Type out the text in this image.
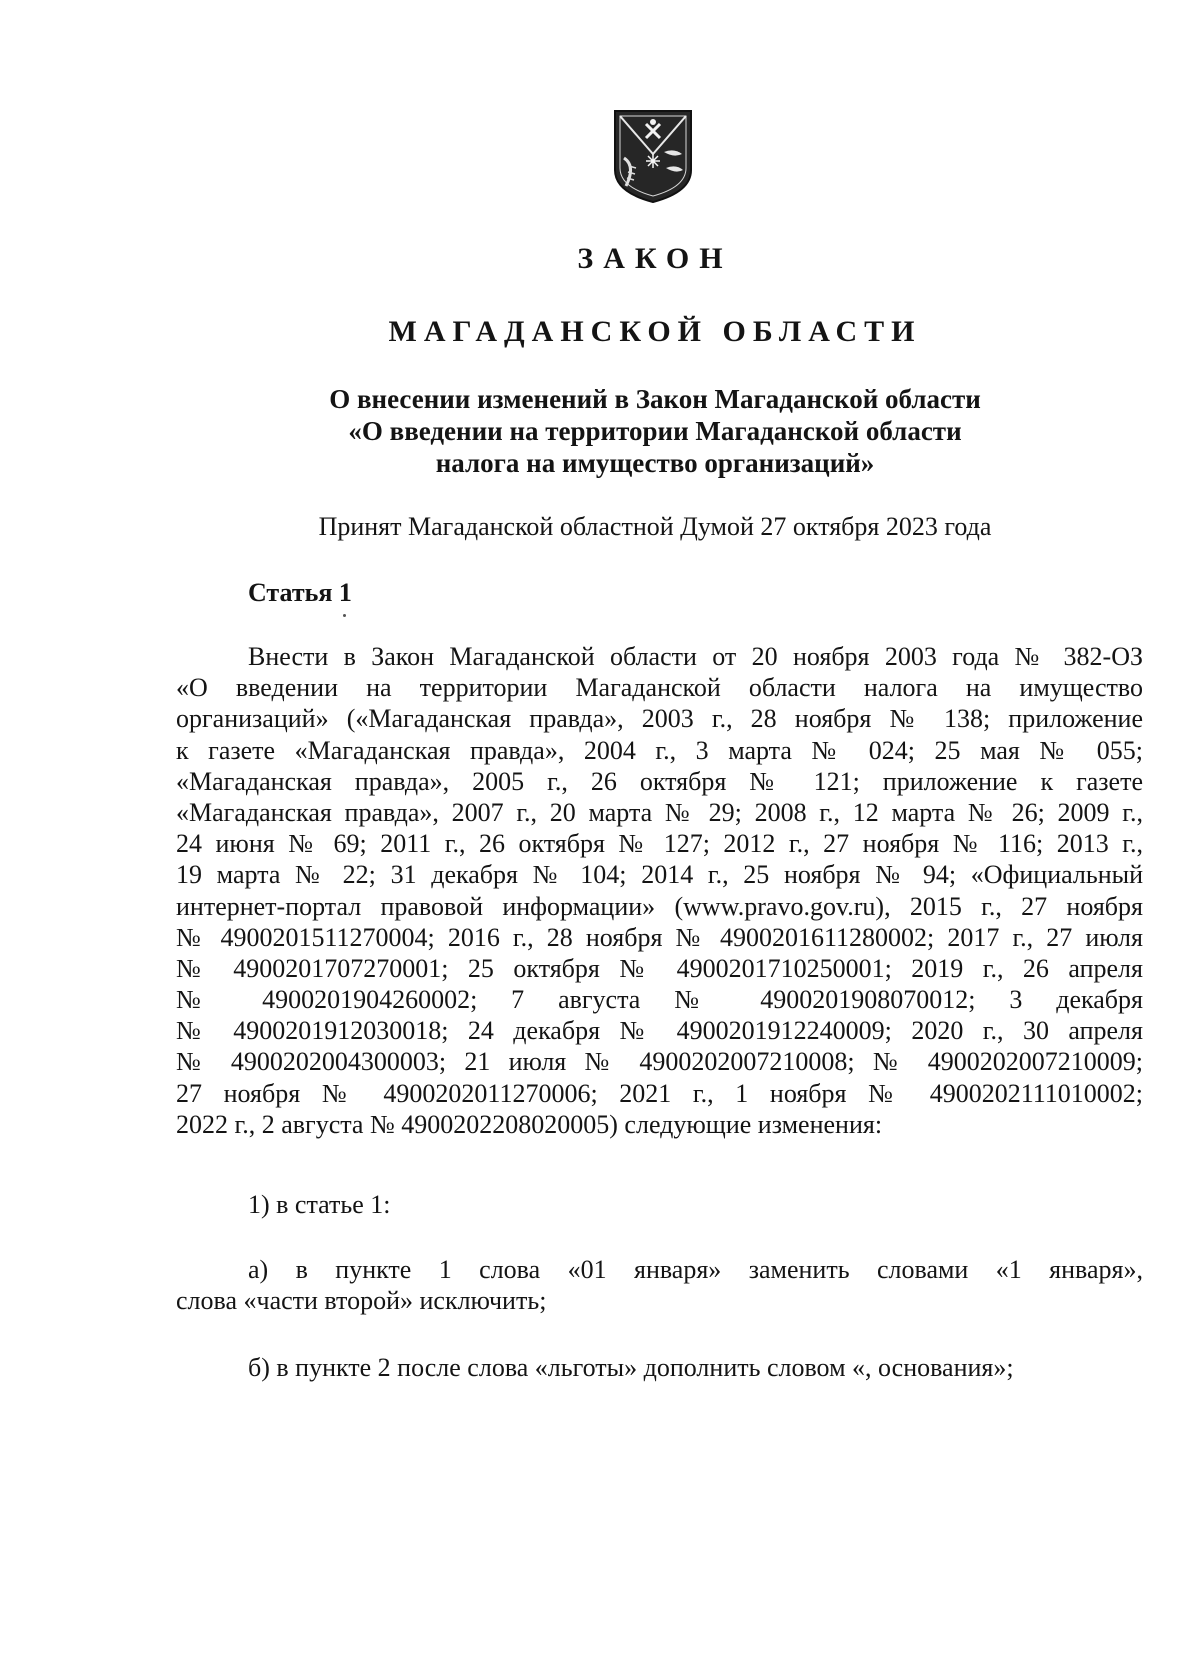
ЗАКОН
МАГАДАНСКОЙ ОБЛАСТИ
О внесении изменений в Закон Магаданской области
«О введении на территории Магаданской области
налога на имущество организаций»
Принят Магаданской областной Думой 27 октября 2023 года
Статья 1
Внести в Закон Магаданской области от 20 ноября 2003 года № 382-ОЗ
«О введении на территории Магаданской области налога на имущество
организаций» («Магаданская правда», 2003 г., 28 ноября № 138; приложение
к газете «Магаданская правда», 2004 г., 3 марта № 024; 25 мая № 055;
«Магаданская правда», 2005 г., 26 октября № 121; приложение к газете
«Магаданская правда», 2007 г., 20 марта № 29; 2008 г., 12 марта № 26; 2009 г.,
24 июня № 69; 2011 г., 26 октября № 127; 2012 г., 27 ноября № 116; 2013 г.,
19 марта № 22; 31 декабря № 104; 2014 г., 25 ноября № 94; «Официальный
интернет-портал правовой информации» (www.pravo.gov.ru), 2015 г., 27 ноября
№ 4900201511270004; 2016 г., 28 ноября № 4900201611280002; 2017 г., 27 июля
№ 4900201707270001; 25 октября № 4900201710250001; 2019 г., 26 апреля
№ 4900201904260002; 7 августа № 4900201908070012; 3 декабря
№ 4900201912030018; 24 декабря № 4900201912240009; 2020 г., 30 апреля
№ 4900202004300003; 21 июля № 4900202007210008; № 4900202007210009;
27 ноября № 4900202011270006; 2021 г., 1 ноября № 4900202111010002;
2022 г., 2 августа № 4900202208020005) следующие изменения:
1) в статье 1:
а) в пункте 1 слова «01 января» заменить словами «1 января»,
слова «части второй» исключить;
б) в пункте 2 после слова «льготы» дополнить словом «, основания»;
